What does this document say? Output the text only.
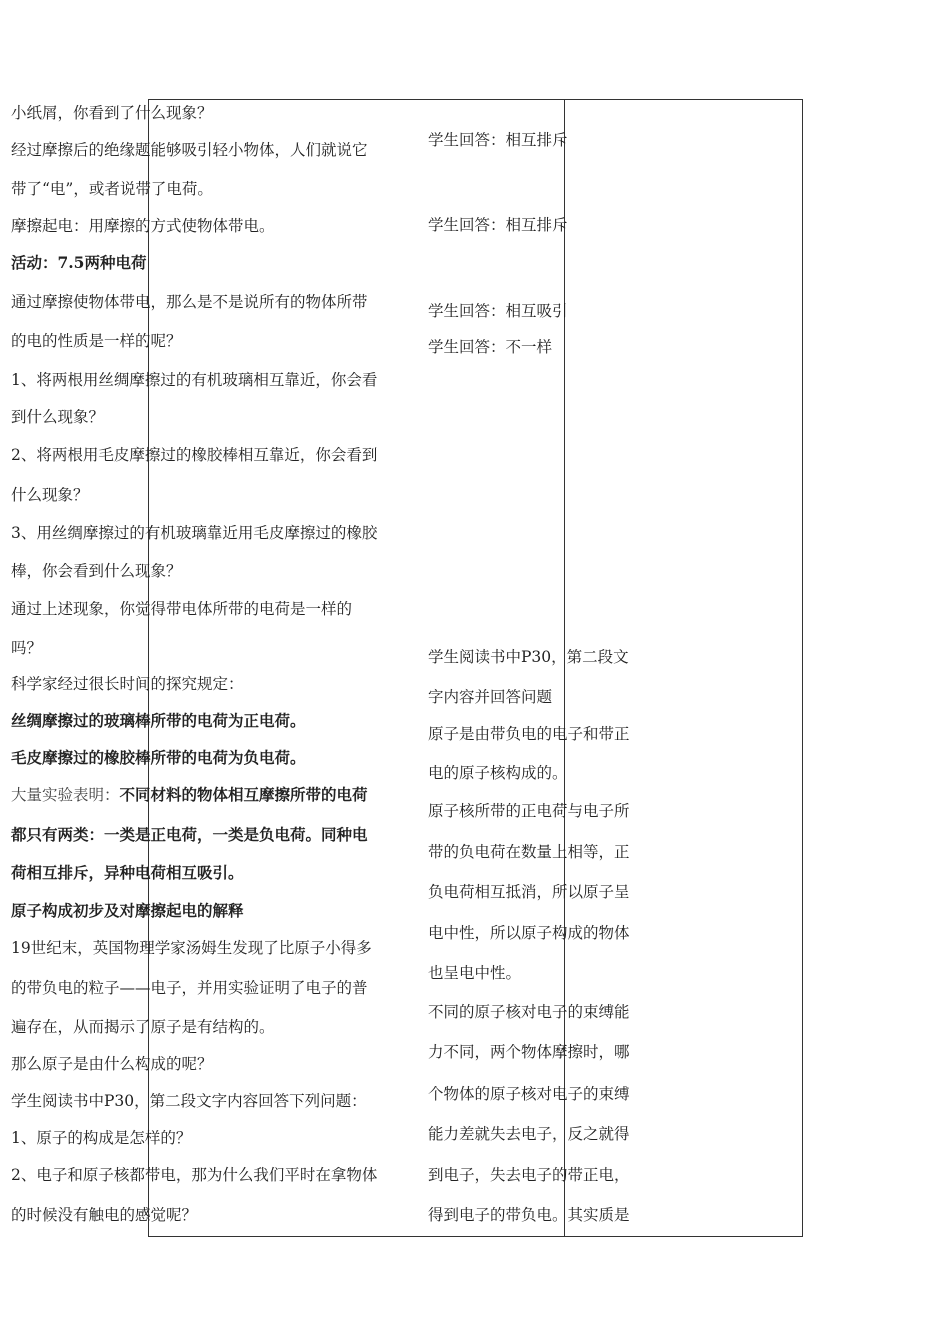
小纸屑，你看到了什么现象？
经过摩擦后的绝缘题能够吸引轻小物体，人们就说它
带了“电”，或者说带了电荷。
摩擦起电：用摩擦的方式使物体带电。
活动：7.5两种电荷
通过摩擦使物体带电，那么是不是说所有的物体所带
的电的性质是一样的呢？
1、将两根用丝绸摩擦过的有机玻璃相互靠近，你会看
到什么现象？
2、将两根用毛皮摩擦过的橡胶棒相互靠近，你会看到
什么现象？
3、用丝绸摩擦过的有机玻璃靠近用毛皮摩擦过的橡胶
棒，你会看到什么现象？
通过上述现象，你觉得带电体所带的电荷是一样的
吗？
科学家经过很长时间的探究规定：
丝绸摩擦过的玻璃棒所带的电荷为正电荷。
毛皮摩擦过的橡胶棒所带的电荷为负电荷。
大量实验表明：不同材料的物体相互摩擦所带的电荷
都只有两类：一类是正电荷，一类是负电荷。同种电
荷相互排斥，异种电荷相互吸引。
原子构成初步及对摩擦起电的解释
19世纪末，英国物理学家汤姆生发现了比原子小得多
的带负电的粒子——电子，并用实验证明了电子的普
遍存在，从而揭示了原子是有结构的。
那么原子是由什么构成的呢？
学生阅读书中P30，第二段文字内容回答下列问题：
1、原子的构成是怎样的？
2、电子和原子核都带电，那为什么我们平时在拿物体
的时候没有触电的感觉呢？
学生回答：相互排斥
学生回答：相互排斥
学生回答：相互吸引
学生回答：不一样
学生阅读书中P30，第二段文
字内容并回答问题
原子是由带负电的电子和带正
电的原子核构成的。
原子核所带的正电荷与电子所
带的负电荷在数量上相等，正
负电荷相互抵消，所以原子呈
电中性，所以原子构成的物体
也呈电中性。
不同的原子核对电子的束缚能
力不同，两个物体摩擦时，哪
个物体的原子核对电子的束缚
能力差就失去电子，反之就得
到电子，失去电子的带正电，
得到电子的带负电。其实质是
